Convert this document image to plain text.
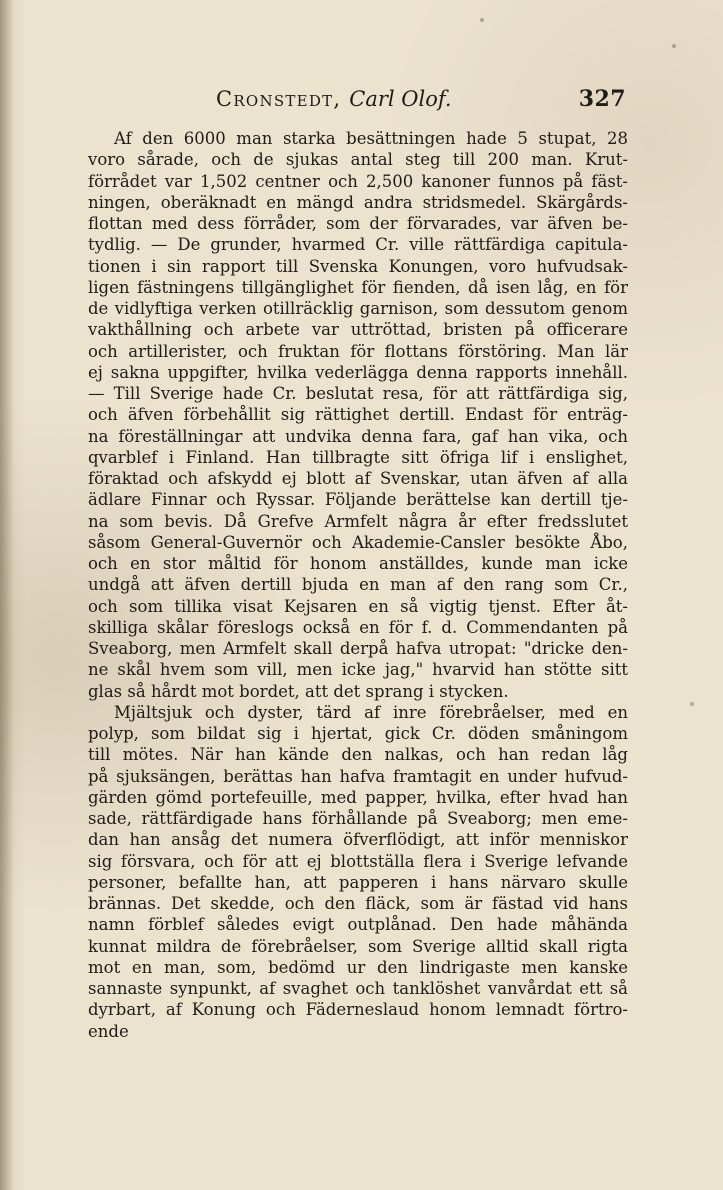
Cronstedt, Carl Olof.	327
Af den 6000 man starka besättningen hade 5 stupat, 28
voro sårade, och de sjukas antal steg till 200 man. Krut-
förrådet var 1,502 centner och 2,500 kanoner funnos på fäst-
ningen, oberäknadt en mängd andra stridsmedel. Skärgårds-
flottan med dess förråder, som der förvarades, var äfven be-
tydlig. — De grunder, hvarmed Cr. ville rättfärdiga capitula-
tionen i sin rapport till Svenska Konungen, voro hufvudsak-
ligen fästningens tillgänglighet för fienden, då isen låg, en för
de vidlyftiga verken otillräcklig garnison, som dessutom genom
vakthållning och arbete var uttröttad, bristen på officerare
och artillerister, och fruktan för flottans förstöring. Man lär
ej sakna uppgifter, hvilka vederlägga denna rapports innehåll.
— Till Sverige hade Cr. beslutat resa, för att rättfärdiga sig,
och äfven förbehållit sig rättighet dertill. Endast för enträg-
na föreställningar att undvika denna fara, gaf han vika, och
qvarblef i Finland. Han tillbragte sitt öfriga lif i enslighet,
föraktad och afskydd ej blott af Svenskar, utan äfven af alla
ädlare Finnar och Ryssar. Följande berättelse kan dertill tje-
na som bevis. Då Grefve Armfelt några år efter fredsslutet
såsom General-Guvernör och Akademie-Cansler besökte Åbo,
och en stor måltid för honom anställdes, kunde man icke
undgå att äfven dertill bjuda en man af den rang som Cr.,
och som tillika visat Kejsaren en så vigtig tjenst. Efter åt-
skilliga skålar föreslogs också en för f. d. Commendanten på
Sveaborg, men Armfelt skall derpå hafva utropat: "dricke den-
ne skål hvem som vill, men icke jag," hvarvid han stötte sitt
glas så hårdt mot bordet, att det sprang i stycken.
Mjältsjuk och dyster, tärd af inre förebråelser, med en
polyp, som bildat sig i hjertat, gick Cr. döden småningom
till mötes. När han kände den nalkas, och han redan låg
på sjuksängen, berättas han hafva framtagit en under hufvud-
gärden gömd portefeuille, med papper, hvilka, efter hvad han
sade, rättfärdigade hans förhållande på Sveaborg; men eme-
dan han ansåg det numera öfverflödigt, att inför menniskor
sig försvara, och för att ej blottställa flera i Sverige lefvande
personer, befallte han, att papperen i hans närvaro skulle
brännas. Det skedde, och den fläck, som är fästad vid hans
namn förblef således evigt outplånad. Den hade måhända
kunnat mildra de förebråelser, som Sverige alltid skall rigta
mot en man, som, bedömd ur den lindrigaste men kanske
sannaste synpunkt, af svaghet och tanklöshet vanvårdat ett så
dyrbart, af Konung och Fäderneslaud honom lemnadt förtro-
ende
